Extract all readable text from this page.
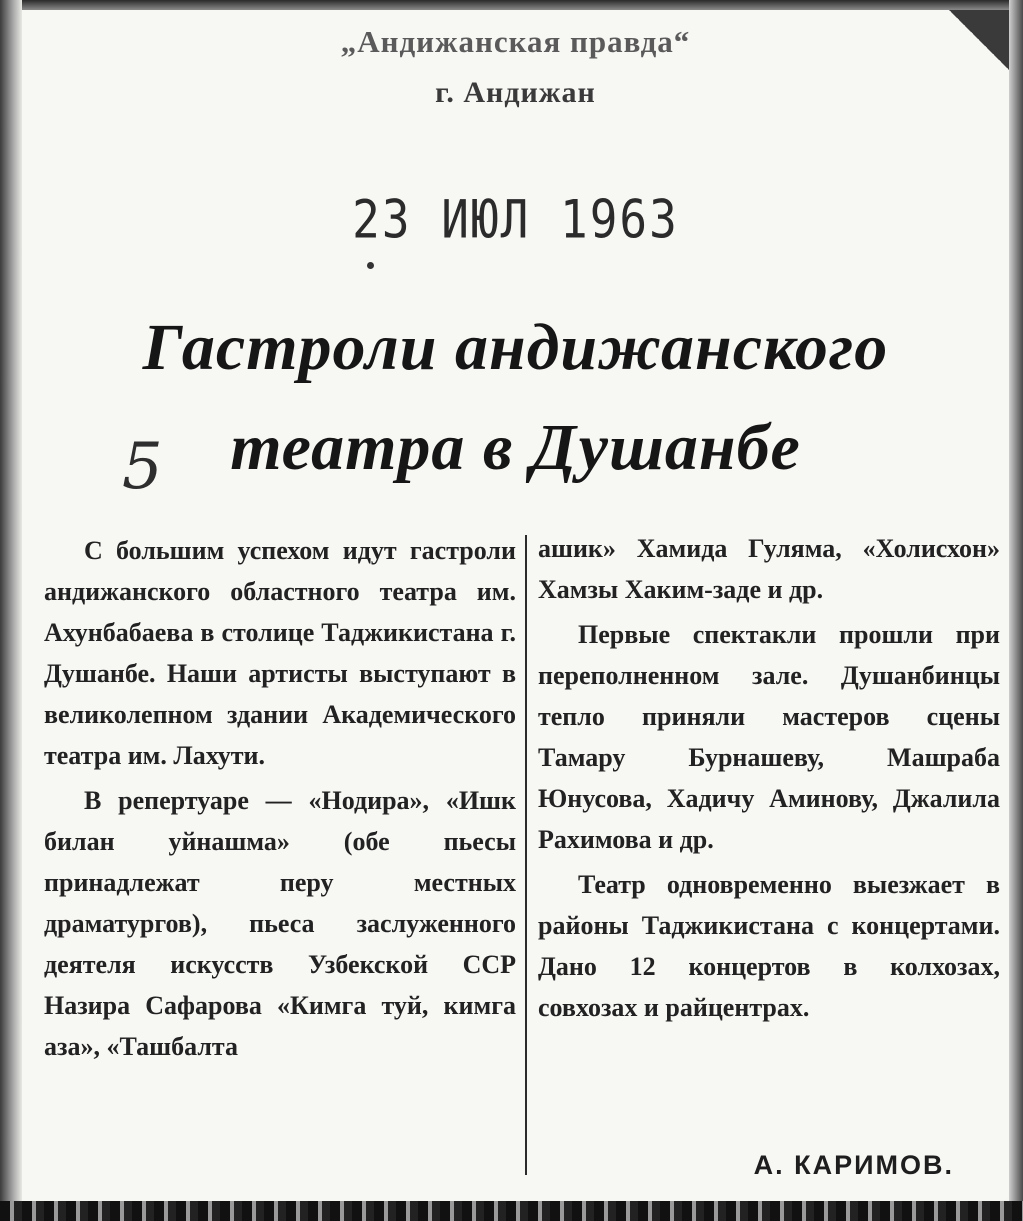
„Андижанская правда“
г. Андижан
23 ИЮЛ 1963
Гастроли андижанского
5	театра в Душанбе

С большим успехом идут гастроли андижанского областного театра им. Ахунбабаева в столице Таджикистана г. Душанбе. Наши артисты выступают в великолепном здании Академического театра им. Лахути.

В репертуаре — «Нодира», «Ишк билан уйнашма» (обе пьесы принадлежат перу местных драматургов), пьеса заслуженного деятеля искусств Узбекской ССР Назира Сафарова «Кимга туй, кимга аза», «Ташбалта

ашик» Хамида Гуляма, «Холисхон» Хамзы Хаким-заде и др.

Первые спектакли прошли при переполненном зале. Душанбинцы тепло приняли мастеров сцены Тамару Бурнашеву, Машраба Юнусова, Хадичу Аминову, Джалила Рахимова и др.

Театр одновременно выезжает в районы Таджикистана с концертами. Дано 12 концертов в колхозах, совхозах и райцентрах.

А. КАРИМОВ.
